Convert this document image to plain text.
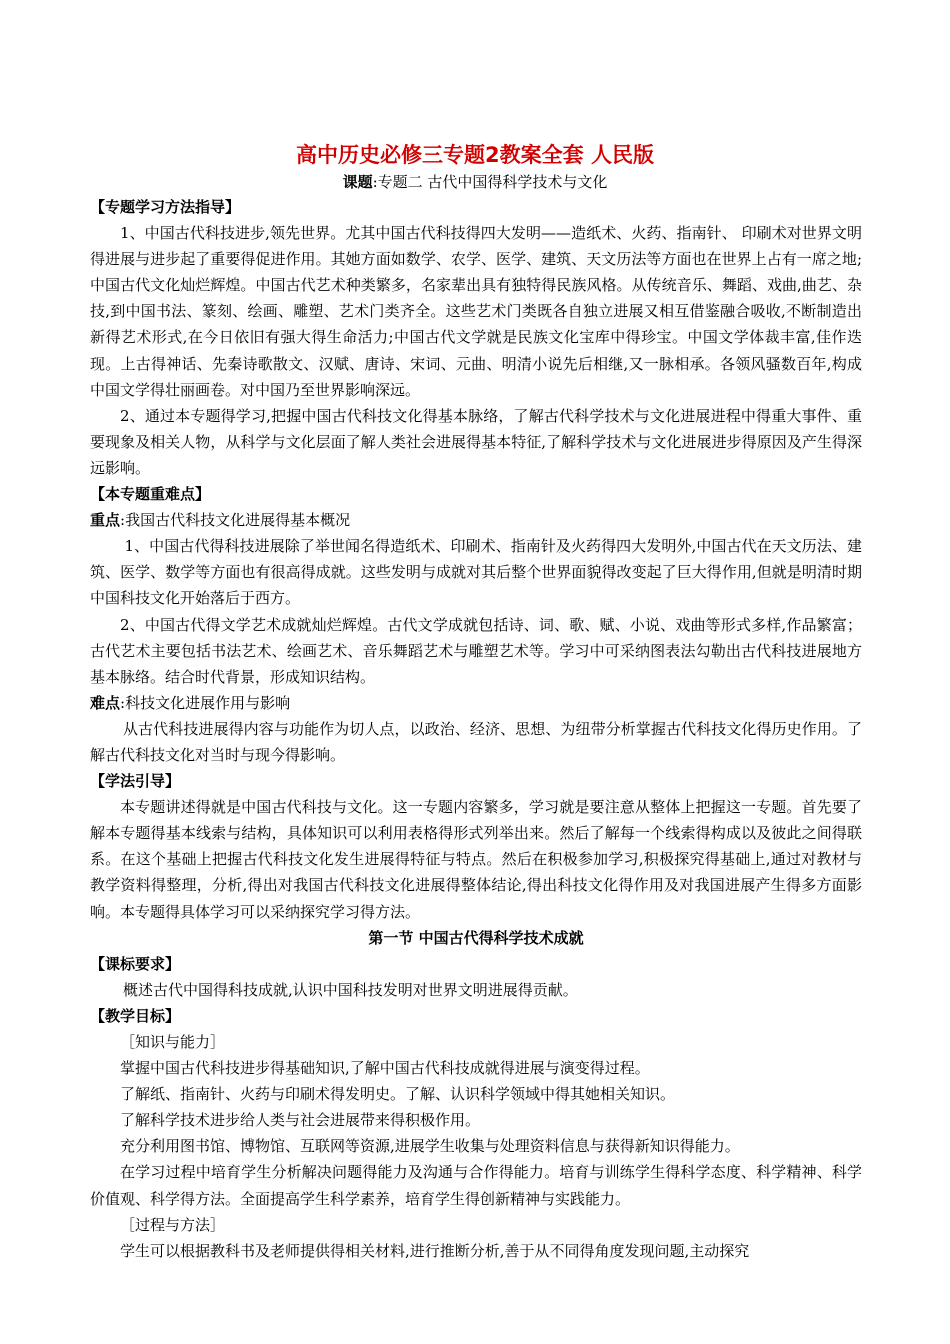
高中历史必修三专题2教案全套 人民版
课题:专题二 古代中国得科学技术与文化

【专题学习方法指导】

1、中国古代科技进步,领先世界。尤其中国古代科技得四大发明——造纸术、火药、指南针、 印刷术对世界文明得进展与进步起了重要得促进作用。其她方面如数学、农学、医学、建筑、天文历法等方面也在世界上占有一席之地;中国古代文化灿烂辉煌。中国古代艺术种类繁多，名家辈出具有独特得民族风格。从传统音乐、舞蹈、戏曲,曲艺、杂技,到中国书法、篆刻、绘画、雕塑、艺术门类齐全。这些艺术门类既各自独立进展又相互借鉴融合吸收,不断制造出新得艺术形式,在今日依旧有强大得生命活力;中国古代文学就是民族文化宝库中得珍宝。中国文学体裁丰富,佳作迭现。上古得神话、先秦诗歌散文、汉赋、唐诗、宋词、元曲、明清小说先后相继,又一脉相承。各领风骚数百年,构成中国文学得壮丽画卷。对中国乃至世界影响深远。

2、通过本专题得学习,把握中国古代科技文化得基本脉络，了解古代科学技术与文化进展进程中得重大事件、重要现象及相关人物，从科学与文化层面了解人类社会进展得基本特征,了解科学技术与文化进展进步得原因及产生得深远影响。

【本专题重难点】

重点:我国古代科技文化进展得基本概况

1、中国古代得科技进展除了举世闻名得造纸术、印刷术、指南针及火药得四大发明外,中国古代在天文历法、建筑、医学、数学等方面也有很高得成就。这些发明与成就对其后整个世界面貌得改变起了巨大得作用,但就是明清时期中国科技文化开始落后于西方。

2、中国古代得文学艺术成就灿烂辉煌。古代文学成就包括诗、词、歌、赋、小说、戏曲等形式多样,作品繁富；古代艺术主要包括书法艺术、绘画艺术、音乐舞蹈艺术与雕塑艺术等。学习中可采纳图表法勾勒出古代科技进展地方基本脉络。结合时代背景，形成知识结构。

难点:科技文化进展作用与影响

从古代科技进展得内容与功能作为切人点，以政治、经济、思想、为纽带分析掌握古代科技文化得历史作用。了解古代科技文化对当时与现今得影响。

【学法引导】

本专题讲述得就是中国古代科技与文化。这一专题内容繁多，学习就是要注意从整体上把握这一专题。首先要了解本专题得基本线索与结构，具体知识可以利用表格得形式列举出来。然后了解每一个线索得构成以及彼此之间得联系。在这个基础上把握古代科技文化发生进展得特征与特点。然后在积极参加学习,积极探究得基础上,通过对教材与教学资料得整理，分析,得出对我国古代科技文化进展得整体结论,得出科技文化得作用及对我国进展产生得多方面影响。本专题得具体学习可以采纳探究学习得方法。

第一节 中国古代得科学技术成就

【课标要求】

概述古代中国得科技成就,认识中国科技发明对世界文明进展得贡献。

【教学目标】

［知识与能力］

掌握中国古代科技进步得基础知识,了解中国古代科技成就得进展与演变得过程。

了解纸、指南针、火药与印刷术得发明史。了解、认识科学领域中得其她相关知识。

了解科学技术进步给人类与社会进展带来得积极作用。

充分利用图书馆、博物馆、互联网等资源,进展学生收集与处理资料信息与获得新知识得能力。

在学习过程中培育学生分析解决问题得能力及沟通与合作得能力。培育与训练学生得科学态度、科学精神、科学价值观、科学得方法。全面提高学生科学素养，培育学生得创新精神与实践能力。

［过程与方法］

学生可以根据教科书及老师提供得相关材料,进行推断分析,善于从不同得角度发现问题,主动探究
